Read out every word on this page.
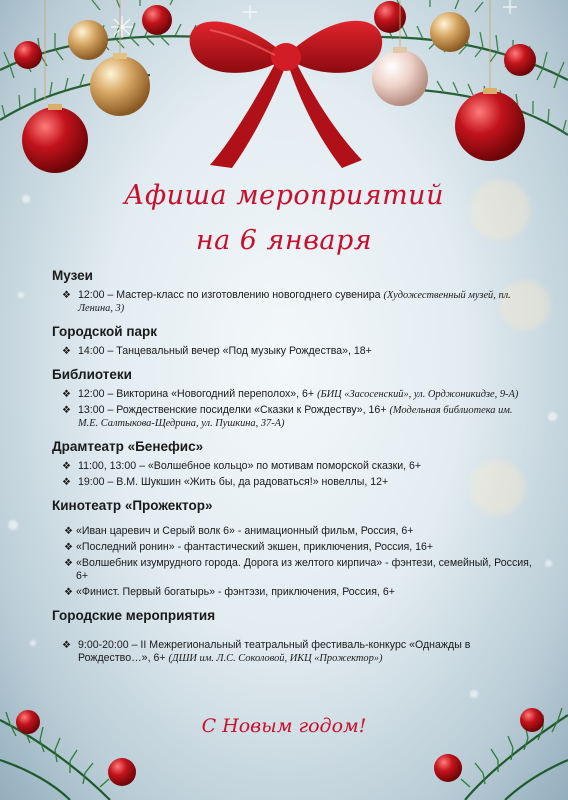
Афиша мероприятий
на 6 января
Музеи
❖ 12:00 – Мастер-класс по изготовлению новогоднего сувенира (Художественный музей, пл. Ленина, 3)
Городской парк
❖ 14:00 – Танцевальный вечер «Под музыку Рождества», 18+
Библиотеки
❖ 12:00 – Викторина «Новогодний переполох», 6+ (БИЦ «Засосенский», ул. Орджоникидзе, 9-А)
❖ 13:00 – Рождественские посиделки «Сказки к Рождеству», 16+ (Модельная библиотека им. М.Е. Салтыкова-Щедрина, ул. Пушкина, 37-А)
Драмтеатр «Бенефис»
❖ 11:00, 13:00 – «Волшебное кольцо» по мотивам поморской сказки, 6+
❖ 19:00 – В.М. Шукшин «Жить бы, да радоваться!» новеллы, 12+
Кинотеатр «Прожектор»
❖ «Иван царевич и Серый волк 6» - анимационный фильм, Россия, 6+
❖ «Последний ронин» - фантастический экшен, приключения, Россия, 16+
❖ «Волшебник изумрудного города. Дорога из желтого кирпича» - фэнтези, семейный, Россия, 6+
❖ «Финист. Первый богатырь» - фэнтэзи, приключения, Россия, 6+
Городские мероприятия
❖ 9:00-20:00 – II Межрегиональный театральный фестиваль-конкурс «Однажды в Рождество…», 6+ (ДШИ им. Л.С. Соколовой, ИКЦ «Прожектор»)
С Новым годом!
